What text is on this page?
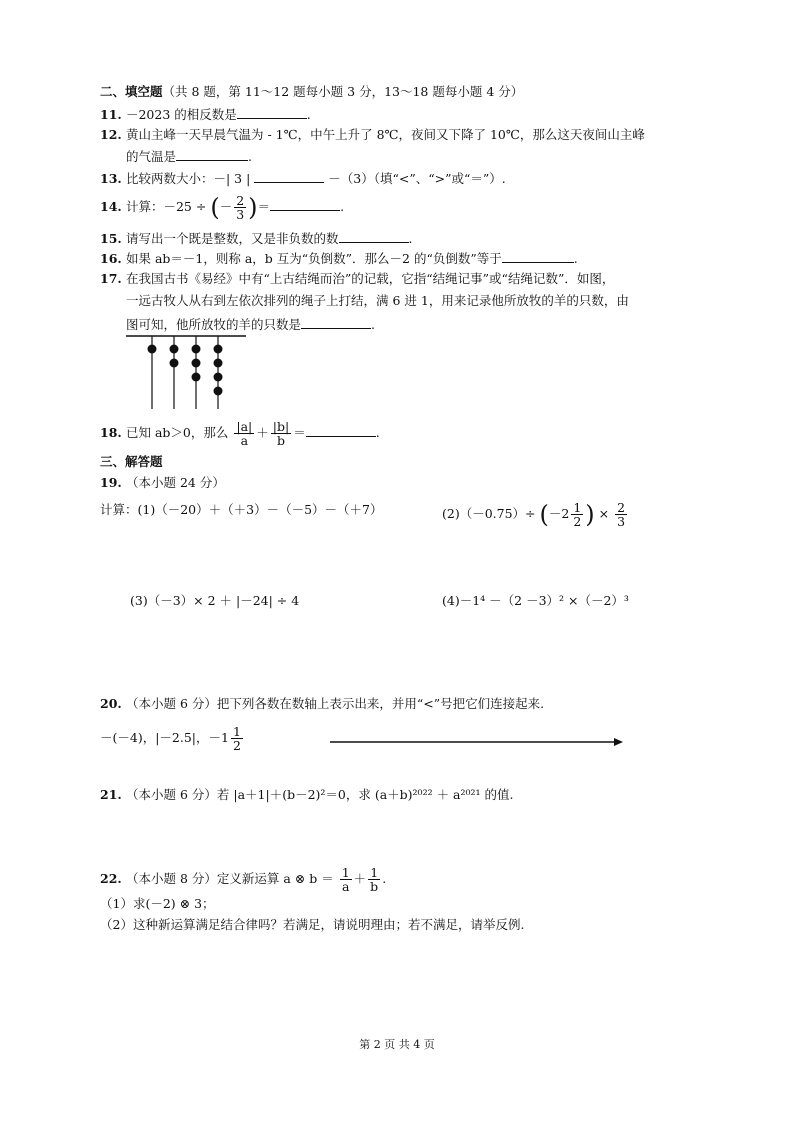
二、填空题（共 8 题，第 11～12 题每小题 3 分，13～18 题每小题 4 分）
11. －2023 的相反数是	.
12. 黄山主峰一天早晨气温为 - 1℃，中午上升了 8℃，夜间又下降了 10℃，那么这天夜间山主峰
的气温是	.
13. 比较两数大小：－| 3 |	－（3）（填“<”、“>”或“＝”）.
14. 计算：－25 ÷ (－ $\frac{2}{3}$ )＝	.
15. 请写出一个既是整数，又是非负数的数	.
16. 如果 ab＝－1，则称 a，b 互为“负倒数”．那么－2 的“负倒数”等于	.
17. 在我国古书《易经》中有“上古结绳而治”的记载，它指“结绳记事”或“结绳记数”．如图，
一远古牧人从右到左依次排列的绳子上打结，满 6 进 1，用来记录他所放牧的羊的只数，由
图可知，他所放牧的羊的只数是	.
18. 已知 ab＞0，那么 $\frac{|a|}{a} + \frac{|b|}{b}$ ＝	.
三、解答题
19. （本小题 24 分）
计算：(1)（－20）＋（＋3）－（－5）－（＋7）	$(2)(-0.75)\div (-2 \frac{1}{2}$ ) × $\frac{2}{3}$
(3)（－3）× 2 ＋ |－24| ÷ 4	(4)－1⁴ －（2 －3）² ×（－2）³
20. （本小题 6 分）把下列各数在数轴上表示出来，并用“<”号把它们连接起来.
－(－4)，|－2.5|，$-1 \frac{1}{2}$
21. （本小题 6 分）若 |a＋1|＋(b－2)²＝0，求 (a＋b)²⁰²² ＋ a²⁰²¹ 的值.
22. （本小题 8 分）定义新运算 a ⊗ $b = \frac{1}{a} + \frac{1}{b}$ .
（1）求(－2) ⊗ 3；
（2）这种新运算满足结合律吗？若满足，请说明理由；若不满足，请举反例.
第 2 页 共 4 页
